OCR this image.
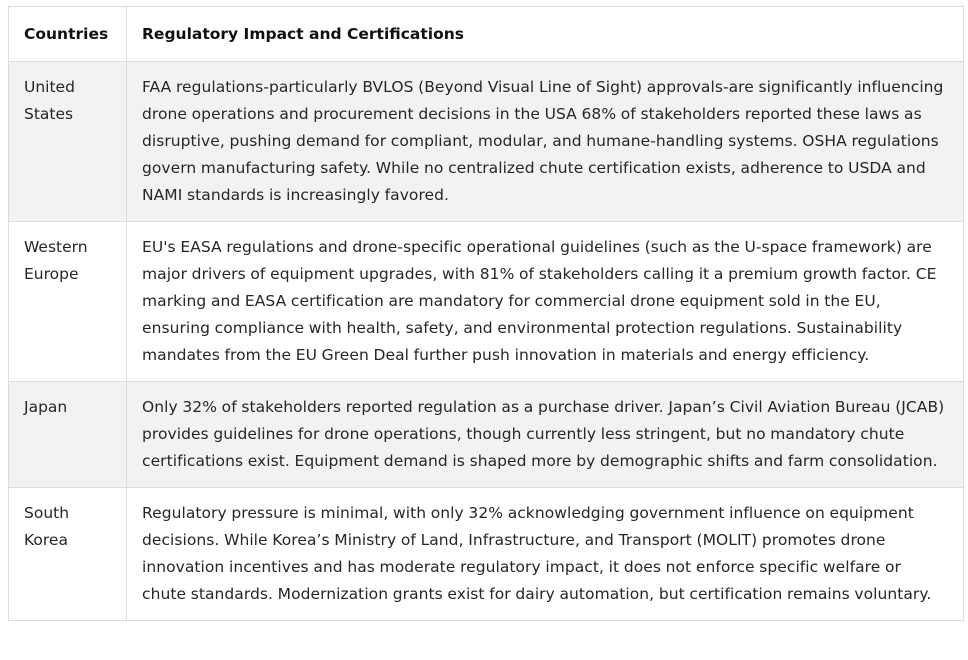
Countries	Regulatory Impact and Certifications
United States	FAA regulations-particularly BVLOS (Beyond Visual Line of Sight) approvals-are significantly influencing drone operations and procurement decisions in the USA 68% of stakeholders reported these laws as disruptive, pushing demand for compliant, modular, and humane-handling systems. OSHA regulations govern manufacturing safety. While no centralized chute certification exists, adherence to USDA and NAMI standards is increasingly favored.
Western Europe	EU's EASA regulations and drone-specific operational guidelines (such as the U-space framework) are major drivers of equipment upgrades, with 81% of stakeholders calling it a premium growth factor. CE marking and EASA certification are mandatory for commercial drone equipment sold in the EU, ensuring compliance with health, safety, and environmental protection regulations. Sustainability mandates from the EU Green Deal further push innovation in materials and energy efficiency.
Japan	Only 32% of stakeholders reported regulation as a purchase driver. Japan’s Civil Aviation Bureau (JCAB) provides guidelines for drone operations, though currently less stringent, but no mandatory chute certifications exist. Equipment demand is shaped more by demographic shifts and farm consolidation.
South Korea	Regulatory pressure is minimal, with only 32% acknowledging government influence on equipment decisions. While Korea’s Ministry of Land, Infrastructure, and Transport (MOLIT) promotes drone innovation incentives and has moderate regulatory impact, it does not enforce specific welfare or chute standards. Modernization grants exist for dairy automation, but certification remains voluntary.
